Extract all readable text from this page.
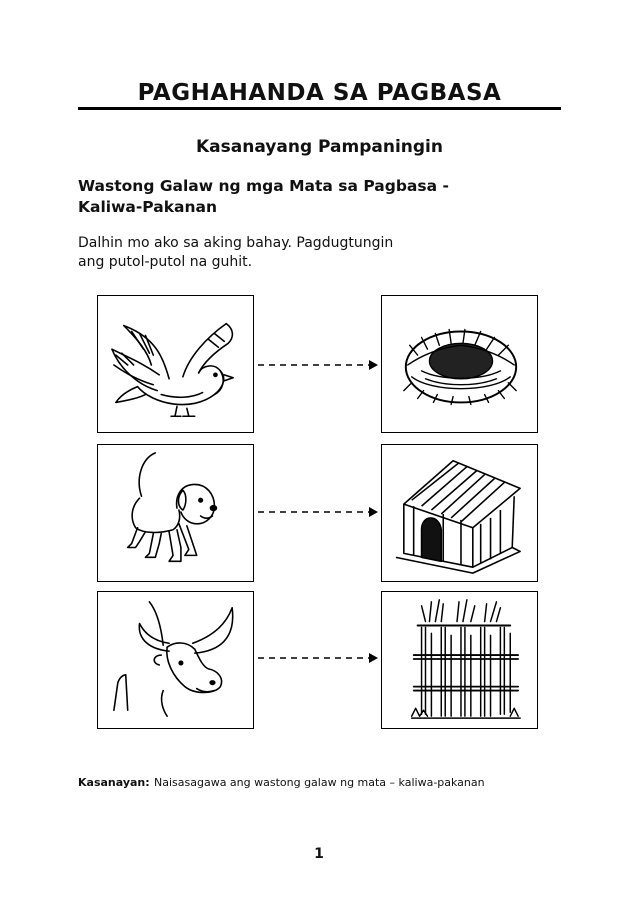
PAGHAHANDA SA PAGBASA
Kasanayang Pampaningin
Wastong Galaw ng mga Mata sa Pagbasa -
Kaliwa-Pakanan
Dalhin mo ako sa aking bahay. Pagdugtungin
ang putol-putol na guhit.
Kasanayan: Naisasagawa ang wastong galaw ng mata – kaliwa-pakanan
1
